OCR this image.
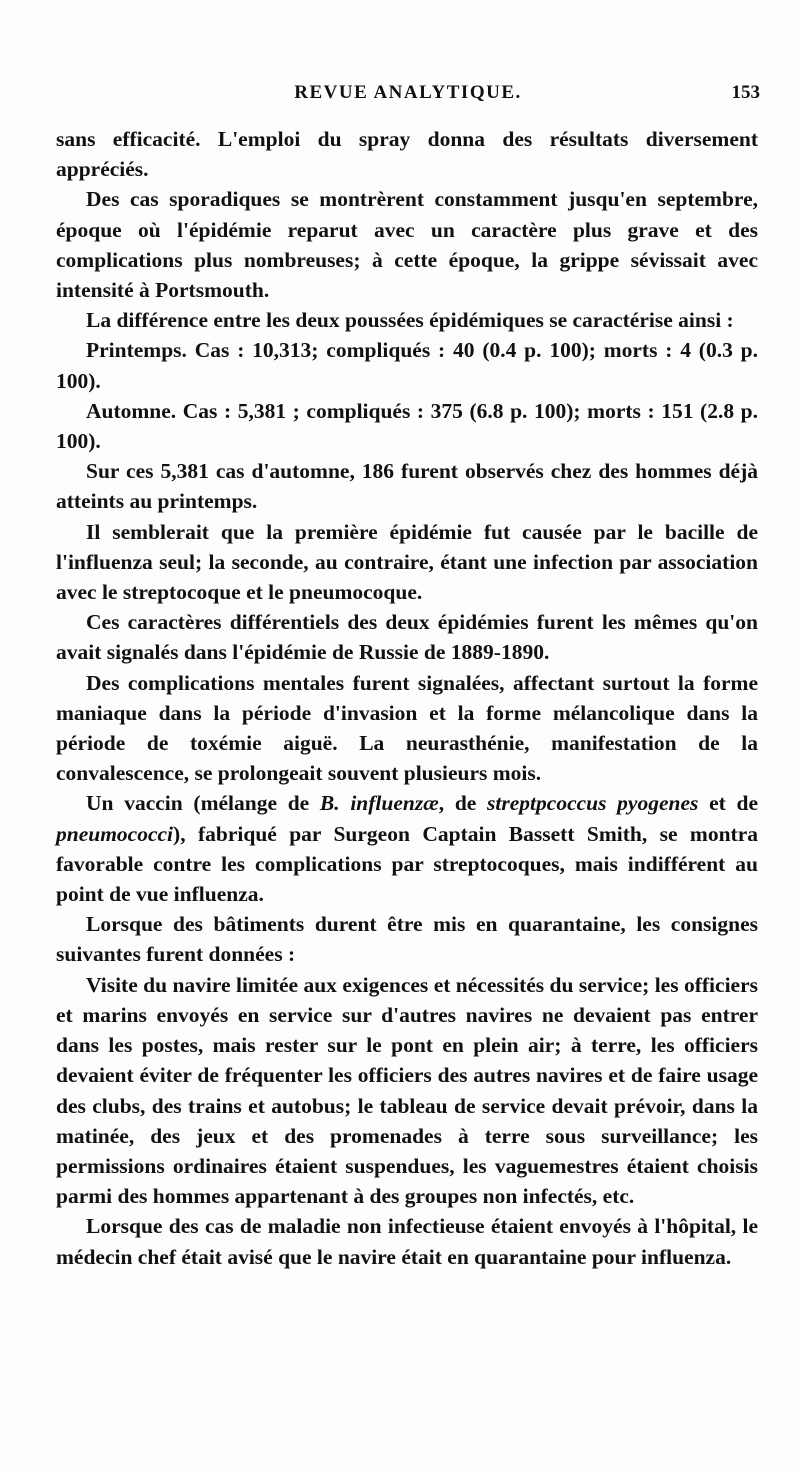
REVUE ANALYTIQUE.	153

sans efficacité. L'emploi du spray donna des résultats diversement appréciés.

Des cas sporadiques se montrèrent constamment jusqu'en septembre, époque où l'épidémie reparut avec un caractère plus grave et des complications plus nombreuses; à cette époque, la grippe sévissait avec intensité à Portsmouth.

La différence entre les deux poussées épidémiques se caractérise ainsi :

Printemps. Cas : 10,313; compliqués : 40 (0.4 p. 100); morts : 4 (0.3 p. 100).

Automne. Cas : 5,381 ; compliqués : 375 (6.8 p. 100); morts : 151 (2.8 p. 100).

Sur ces 5,381 cas d'automne, 186 furent observés chez des hommes déjà atteints au printemps.

Il semblerait que la première épidémie fut causée par le bacille de l'influenza seul; la seconde, au contraire, étant une infection par association avec le streptocoque et le pneumocoque.

Ces caractères différentiels des deux épidémies furent les mêmes qu'on avait signalés dans l'épidémie de Russie de 1889-1890.

Des complications mentales furent signalées, affectant surtout la forme maniaque dans la période d'invasion et la forme mélancolique dans la période de toxémie aiguë. La neurasthénie, manifestation de la convalescence, se prolongeait souvent plusieurs mois.

Un vaccin (mélange de B. influenzæ, de streptpcoccus pyogenes et de pneumococci), fabriqué par Surgeon Captain Bassett Smith, se montra favorable contre les complications par streptocoques, mais indifférent au point de vue influenza.

Lorsque des bâtiments durent être mis en quarantaine, les consignes suivantes furent données :

Visite du navire limitée aux exigences et nécessités du service; les officiers et marins envoyés en service sur d'autres navires ne devaient pas entrer dans les postes, mais rester sur le pont en plein air; à terre, les officiers devaient éviter de fréquenter les officiers des autres navires et de faire usage des clubs, des trains et autobus; le tableau de service devait prévoir, dans la matinée, des jeux et des promenades à terre sous surveillance; les permissions ordinaires étaient suspendues, les vaguemestres étaient choisis parmi des hommes appartenant à des groupes non infectés, etc.

Lorsque des cas de maladie non infectieuse étaient envoyés à l'hôpital, le médecin chef était avisé que le navire était en quarantaine pour influenza.
